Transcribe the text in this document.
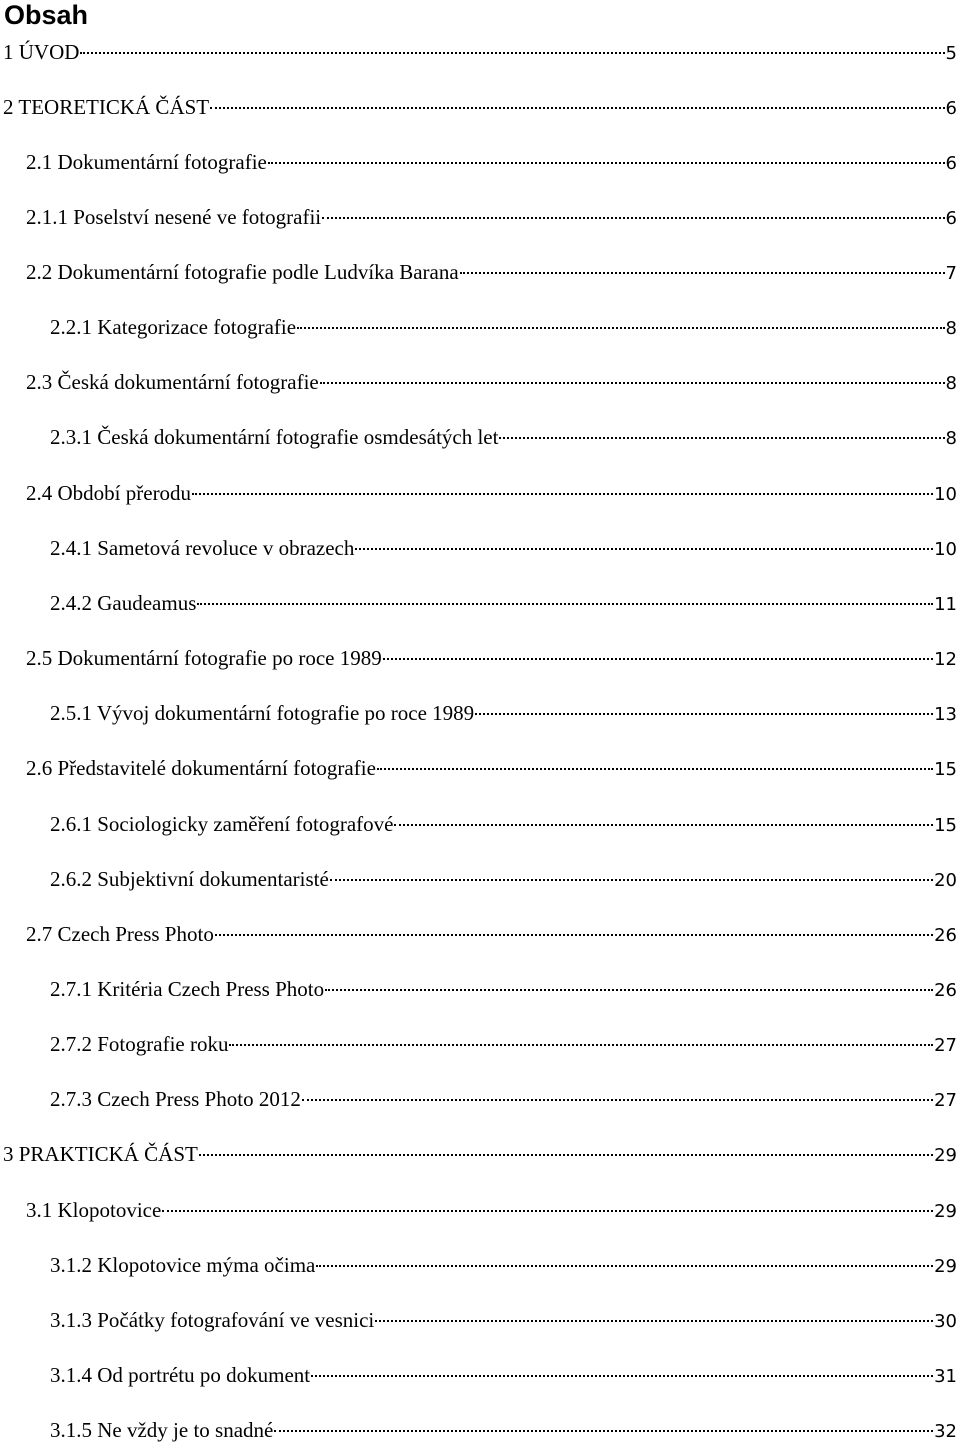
Obsah
1 ÚVOD	5
2 TEORETICKÁ ČÁST	6
2.1 Dokumentární fotografie	6
2.1.1 Poselství nesené ve fotografii	6
2.2 Dokumentární fotografie podle Ludvíka Barana	7
2.2.1 Kategorizace fotografie	8
2.3 Česká dokumentární fotografie	8
2.3.1 Česká dokumentární fotografie osmdesátých let	8
2.4 Období přerodu	10
2.4.1 Sametová revoluce v obrazech	10
2.4.2 Gaudeamus	11
2.5 Dokumentární fotografie po roce 1989	12
2.5.1 Vývoj dokumentární fotografie po roce 1989	13
2.6 Představitelé dokumentární fotografie	15
2.6.1 Sociologicky zaměření fotografové	15
2.6.2 Subjektivní dokumentaristé	20
2.7 Czech Press Photo	26
2.7.1 Kritéria Czech Press Photo	26
2.7.2 Fotografie roku	27
2.7.3 Czech Press Photo 2012	27
3 PRAKTICKÁ ČÁST	29
3.1 Klopotovice	29
3.1.2 Klopotovice mýma očima	29
3.1.3 Počátky fotografování ve vesnici	30
3.1.4 Od portrétu po dokument	31
3.1.5 Ne vždy je to snadné	32
